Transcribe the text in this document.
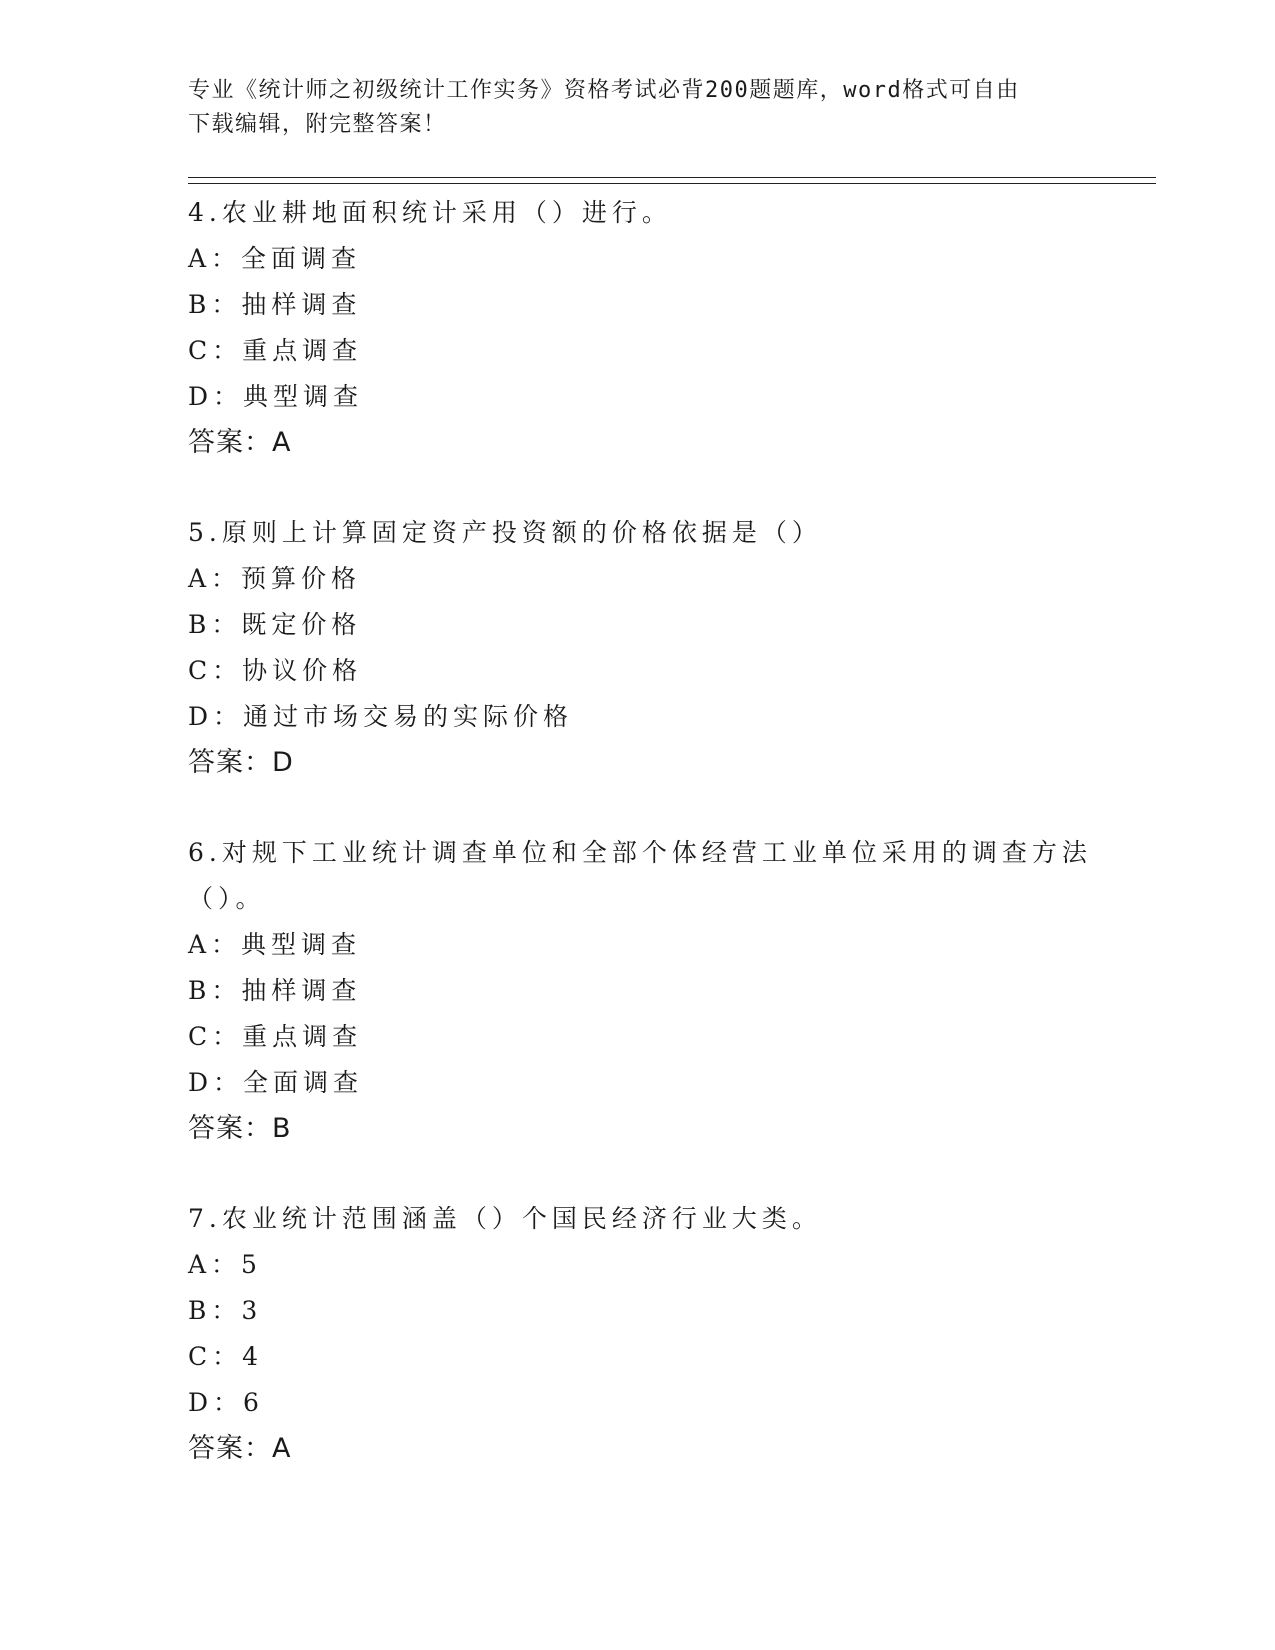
专业《统计师之初级统计工作实务》资格考试必背200题题库，word格式可自由
下载编辑，附完整答案！
4.农业耕地面积统计采用（）进行。
A：全面调查
B：抽样调查
C：重点调查
D：典型调查
答案：A
5.原则上计算固定资产投资额的价格依据是（）
A：预算价格
B：既定价格
C：协议价格
D：通过市场交易的实际价格
答案：D
6.对规下工业统计调查单位和全部个体经营工业单位采用的调查方法
（）。
A：典型调查
B：抽样调查
C：重点调查
D：全面调查
答案：B
7.农业统计范围涵盖（）个国民经济行业大类。
A：5
B：3
C：4
D：6
答案：A
